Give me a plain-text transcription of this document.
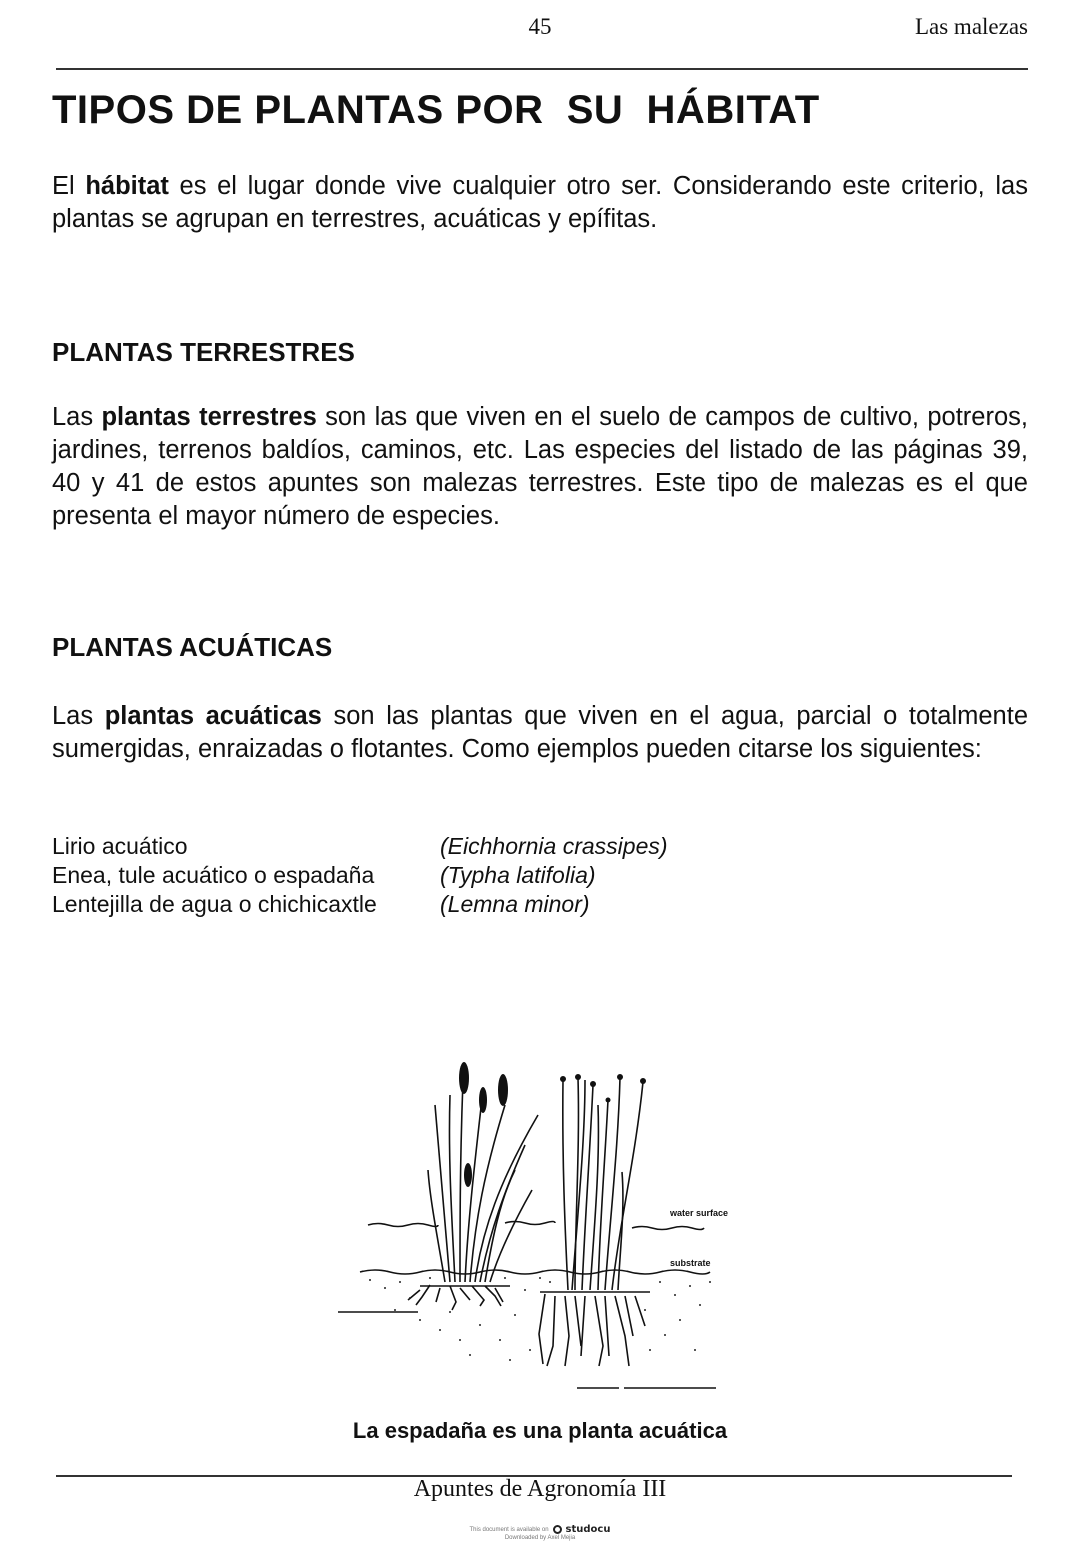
45	Las malezas
TIPOS DE PLANTAS POR  SU  HÁBITAT
El hábitat es el lugar donde vive cualquier otro ser. Considerando este criterio, las plantas se agrupan en terrestres, acuáticas y epífitas.
PLANTAS TERRESTRES
Las plantas terrestres son las que viven en el suelo de campos de cultivo, potreros, jardines, terrenos baldíos, caminos, etc. Las especies del listado de las páginas 39, 40 y 41 de estos apuntes son malezas terrestres. Este tipo de malezas es el que presenta el mayor número de especies.
PLANTAS ACUÁTICAS
Las plantas acuáticas son las plantas que viven en el agua, parcial o totalmente sumergidas, enraizadas o flotantes. Como ejemplos pueden citarse los siguientes:
Lirio acuático	(Eichhornia crassipes)
Enea, tule acuático o espadaña	(Typha latifolia)
Lentejilla de agua o chichicaxtle	(Lemna minor)
water surface
substrate
La espadaña es una planta acuática
Apuntes de Agronomía III
This document is available on studocu
Downloaded by Axel Mejia
